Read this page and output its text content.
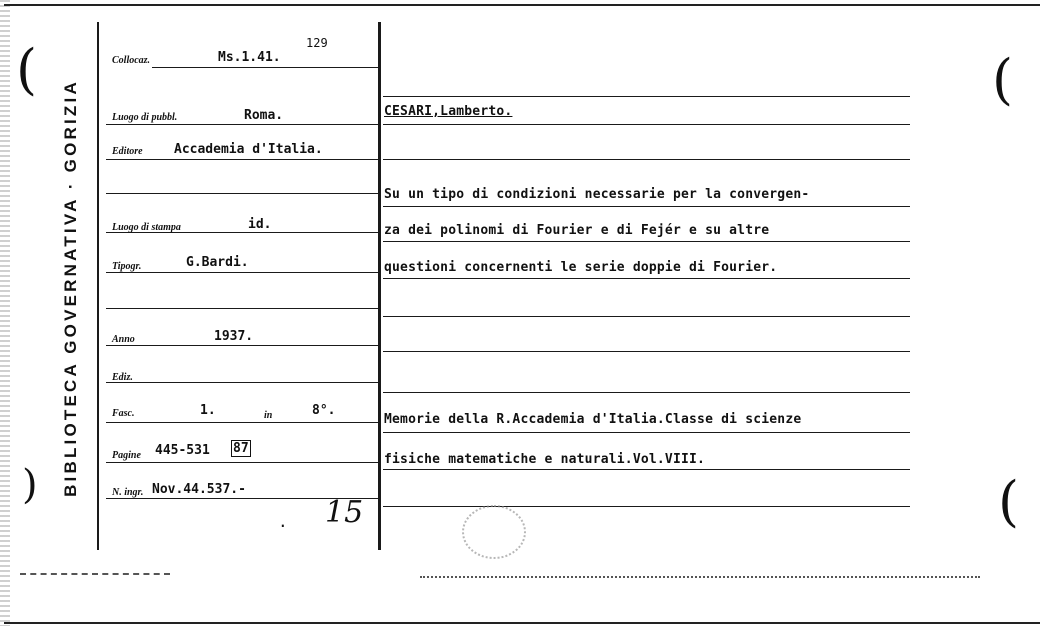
BIBLIOTECA GOVERNATIVA · GORIZIA
Collocaz.	Ms.1.41.
129
Luogo di pubbl.	Roma.
Editore Accademia d'Italia.
Luogo di stampa	id.
Tipogr.	G.Bardi.
Anno	1937.
Ediz.
Fasc.	1.	in	8°.
Pagine 445-531 87
N. ingr. Nov.44.537.-
CESARI,Lamberto.
Su un tipo di condizioni necessarie per la convergen-
za dei polinomi di Fourier e di Fejér e su altre
questioni concernenti le serie doppie di Fourier.
Memorie della R.Accademia d'Italia.Classe di scienze
fisiche matematiche e naturali.Vol.VIII.
15
.
(
)
(
(
